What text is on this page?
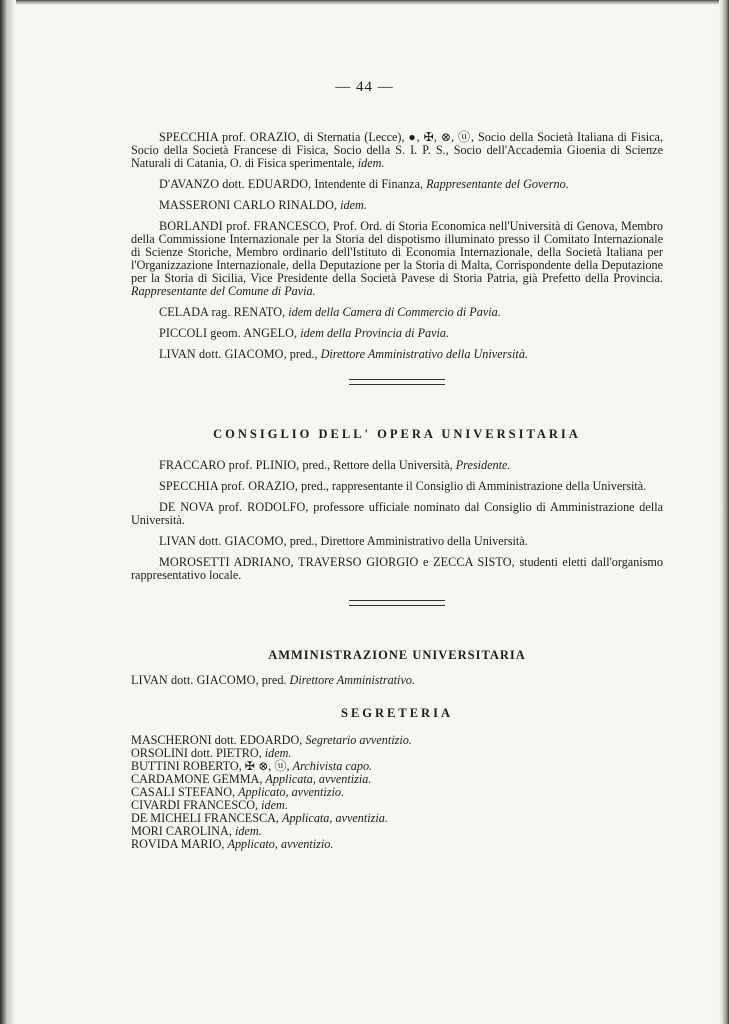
— 44 —

SPECCHIA prof. ORAZIO, di Sternatia (Lecce), ●, ✠, ⊗, ⓤ, Socio della Società Italiana di Fisica, Socio della Società Francese di Fisica, Socio della S. I. P. S., Socio dell'Accademia Gioenia di Scienze Naturali di Catania, O. di Fisica sperimentale, idem.

D'AVANZO dott. EDUARDO, Intendente di Finanza, Rappresentante del Governo.

MASSERONI CARLO RINALDO, idem.

BORLANDI prof. FRANCESCO, Prof. Ord. di Storia Economica nell'Università di Genova, Membro della Commissione Internazionale per la Storia del dispotismo illuminato presso il Comitato Internazionale di Scienze Storiche, Membro ordinario dell'Istituto di Economia Internazionale, della Società Italiana per l'Organizzazione Internazionale, della Deputazione per la Storia di Malta, Corrispondente della Deputazione per la Storia di Sicilia, Vice Presidente della Società Pavese di Storia Patria, già Prefetto della Provincia. Rappresentante del Comune di Pavia.

CELADA rag. RENATO, idem della Camera di Commercio di Pavia.

PICCOLI geom. ANGELO, idem della Provincia di Pavia.

LIVAN dott. GIACOMO, pred., Direttore Amministrativo della Università.

CONSIGLIO DELL' OPERA UNIVERSITARIA

FRACCARO prof. PLINIO, pred., Rettore della Università, Presidente.

SPECCHIA prof. ORAZIO, pred., rappresentante il Consiglio di Amministrazione della Università.

DE NOVA prof. RODOLFO, professore ufficiale nominato dal Consiglio di Amministrazione della Università.

LIVAN dott. GIACOMO, pred., Direttore Amministrativo della Università.

MOROSETTI ADRIANO, TRAVERSO GIORGIO e ZECCA SISTO, studenti eletti dall'organismo rappresentativo locale.

AMMINISTRAZIONE UNIVERSITARIA

LIVAN dott. GIACOMO, pred. Direttore Amministrativo.

SEGRETERIA
MASCHERONI dott. EDOARDO, Segretario avventizio.
ORSOLINI dott. PIETRO, idem.
BUTTINI ROBERTO, ✠ ⊗, ⓤ, Archivista capo.
CARDAMONE GEMMA, Applicata, avventizia.
CASALI STEFANO, Applicato, avventizio.
CIVARDI FRANCESCO, idem.
DE MICHELI FRANCESCA, Applicata, avventizia.
MORI CAROLINA, idem.
ROVIDA MARIO, Applicato, avventizio.
